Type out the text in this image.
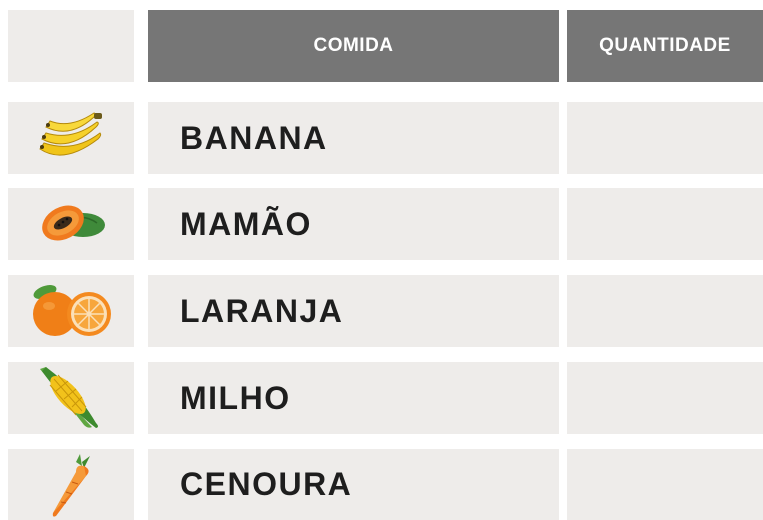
COMIDA	QUANTIDADE
BANANA
MAMÃO
LARANJA
MILHO
CENOURA
